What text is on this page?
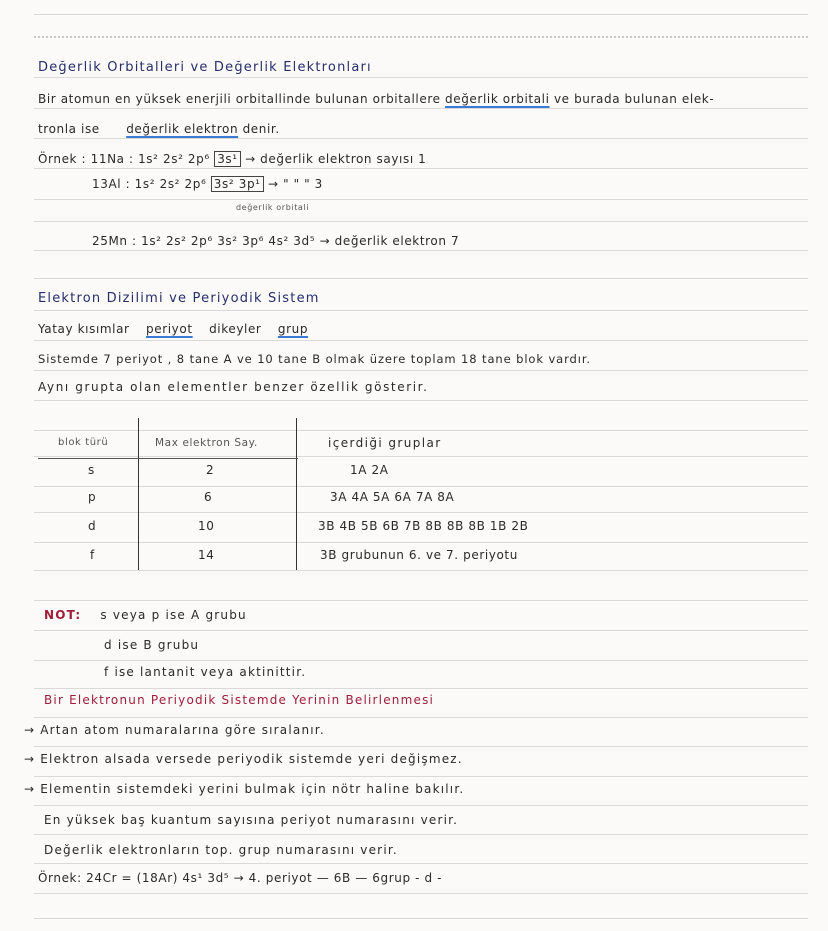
Değerlik Orbitalleri ve Değerlik Elektronları
Bir atomun en yüksek enerjili orbitallinde bulunan orbitallere değerlik orbitali ve burada bulunan elek-
tronla ise değerlik elektron denir.
Örnek : 11Na : 1s² 2s² 2p⁶ 3s¹ → değerlik elektron sayısı 1
13Al : 1s² 2s² 2p⁶ 3s² 3p¹ → " " " 3
değerlik orbitali
25Mn : 1s² 2s² 2p⁶ 3s² 3p⁶ 4s² 3d⁵ → değerlik elektron 7
Elektron Dizilimi ve Periyodik Sistem
Yatay kısımlar periyot dikeyler grup
Sistemde 7 periyot , 8 tane A ve 10 tane B olmak üzere toplam 18 tane blok vardır.
Aynı grupta olan elementler benzer özellik gösterir.
blok türü	Max elektron Say.	içerdiği gruplar
s	2	1A 2A
p	6	3A 4A 5A 6A 7A 8A
d	10	3B 4B 5B 6B 7B 8B 8B 8B 1B 2B
f	14	3B grubunun 6. ve 7. periyotu
NOT: s veya p ise A grubu
d ise B grubu
f ise lantanit veya aktinittir.
Bir Elektronun Periyodik Sistemde Yerinin Belirlenmesi
→ Artan atom numaralarına göre sıralanır.
→ Elektron alsada versede periyodik sistemde yeri değişmez.
→ Elementin sistemdeki yerini bulmak için nötr haline bakılır.
En yüksek baş kuantum sayısına periyot numarasını verir.
Değerlik elektronların top. grup numarasını verir.
Örnek: 24Cr = (18Ar) 4s¹ 3d⁵ → 4. periyot — 6B — 6grup - d -
